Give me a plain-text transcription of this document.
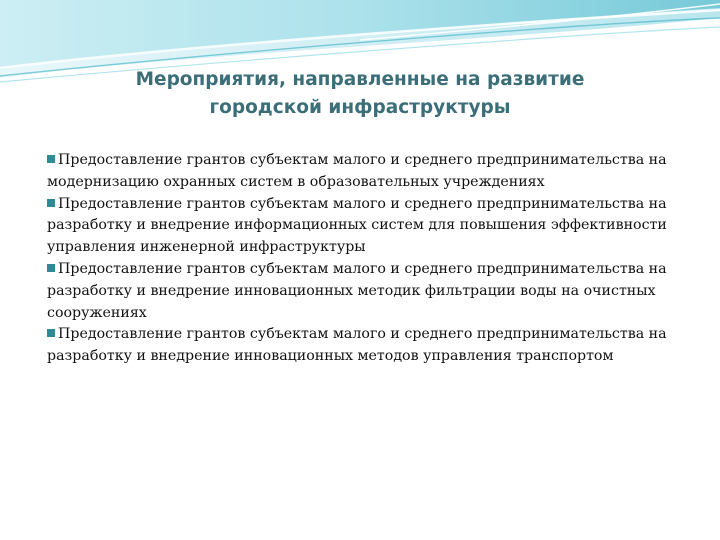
Мероприятия, направленные на развитие
городской инфраструктуры

Предоставление грантов субъектам малого и среднего предпринимательства на модернизацию охранных систем в образовательных учреждениях

Предоставление грантов субъектам малого и среднего предпринимательства на разработку и внедрение информационных систем для повышения эффективности управления инженерной инфраструктуры

Предоставление грантов субъектам малого и среднего предпринимательства на разработку и внедрение инновационных методик фильтрации воды на очистных сооружениях

Предоставление грантов субъектам малого и среднего предпринимательства на разработку и внедрение инновационных методов управления транспортом
